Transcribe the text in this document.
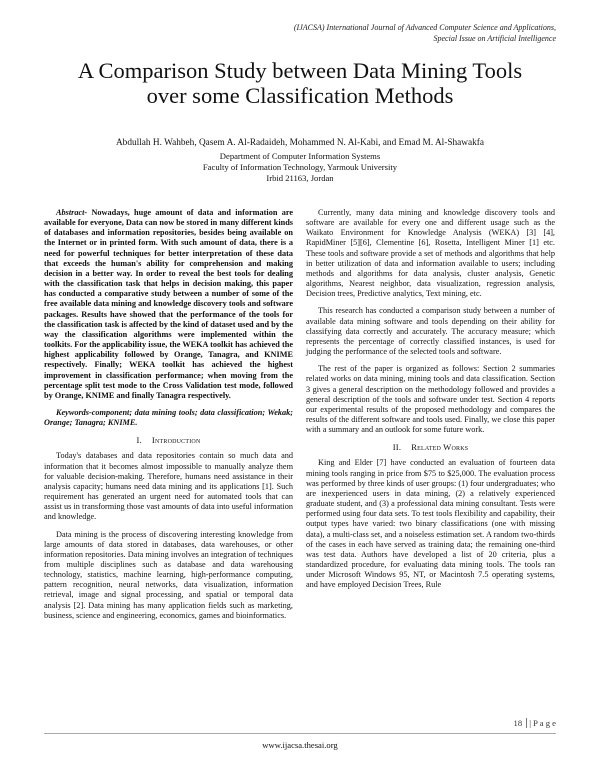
(IJACSA) International Journal of Advanced Computer Science and Applications,
Special Issue on Artificial Intelligence
A Comparison Study between Data Mining Tools
over some Classification Methods
Abdullah H. Wahbeh, Qasem A. Al-Radaideh, Mohammed N. Al-Kabi, and Emad M. Al-Shawakfa
Department of Computer Information Systems
Faculty of Information Technology, Yarmouk University
Irbid 21163, Jordan

Abstract- Nowadays, huge amount of data and information are available for everyone, Data can now be stored in many different kinds of databases and information repositories, besides being available on the Internet or in printed form. With such amount of data, there is a need for powerful techniques for better interpretation of these data that exceeds the human's ability for comprehension and making decision in a better way. In order to reveal the best tools for dealing with the classification task that helps in decision making, this paper has conducted a comparative study between a number of some of the free available data mining and knowledge discovery tools and software packages. Results have showed that the performance of the tools for the classification task is affected by the kind of dataset used and by the way the classification algorithms were implemented within the toolkits. For the applicability issue, the WEKA toolkit has achieved the highest applicability followed by Orange, Tanagra, and KNIME respectively. Finally; WEKA toolkit has achieved the highest improvement in classification performance; when moving from the percentage split test mode to the Cross Validation test mode, followed by Orange, KNIME and finally Tanagra respectively.

Keywords-component; data mining tools; data classification; Wekak; Orange; Tanagra; KNIME.

I. Introduction

Today's databases and data repositories contain so much data and information that it becomes almost impossible to manually analyze them for valuable decision-making. Therefore, humans need assistance in their analysis capacity; humans need data mining and its applications [1]. Such requirement has generated an urgent need for automated tools that can assist us in transforming those vast amounts of data into useful information and knowledge.

Data mining is the process of discovering interesting knowledge from large amounts of data stored in databases, data warehouses, or other information repositories. Data mining involves an integration of techniques from multiple disciplines such as database and data warehousing technology, statistics, machine learning, high-performance computing, pattern recognition, neural networks, data visualization, information retrieval, image and signal processing, and spatial or temporal data analysis [2]. Data mining has many application fields such as marketing, business, science and engineering, economics, games and bioinformatics.

Currently, many data mining and knowledge discovery tools and software are available for every one and different usage such as the Waikato Environment for Knowledge Analysis (WEKA) [3] [4], RapidMiner [5][6], Clementine [6], Rosetta, Intelligent Miner [1] etc. These tools and software provide a set of methods and algorithms that help in better utilization of data and information available to users; including methods and algorithms for data analysis, cluster analysis, Genetic algorithms, Nearest neighbor, data visualization, regression analysis, Decision trees, Predictive analytics, Text mining, etc.

This research has conducted a comparison study between a number of available data mining software and tools depending on their ability for classifying data correctly and accurately. The accuracy measure; which represents the percentage of correctly classified instances, is used for judging the performance of the selected tools and software.

The rest of the paper is organized as follows: Section 2 summaries related works on data mining, mining tools and data classification. Section 3 gives a general description on the methodology followed and provides a general description of the tools and software under test. Section 4 reports our experimental results of the proposed methodology and compares the results of the different software and tools used. Finally, we close this paper with a summary and an outlook for some future work.

II. Related Works

King and Elder [7] have conducted an evaluation of fourteen data mining tools ranging in price from $75 to $25,000. The evaluation process was performed by three kinds of user groups: (1) four undergraduates; who are inexperienced users in data mining, (2) a relatively experienced graduate student, and (3) a professional data mining consultant. Tests were performed using four data sets. To test tools flexibility and capability, their output types have varied: two binary classifications (one with missing data), a multi-class set, and a noiseless estimation set. A random two-thirds of the cases in each have served as training data; the remaining one-third was test data. Authors have developed a list of 20 criteria, plus a standardized procedure, for evaluating data mining tools. The tools ran under Microsoft Windows 95, NT, or Macintosh 7.5 operating systems, and have employed Decision Trees, Rule

18 | P a g e
www.ijacsa.thesai.org
